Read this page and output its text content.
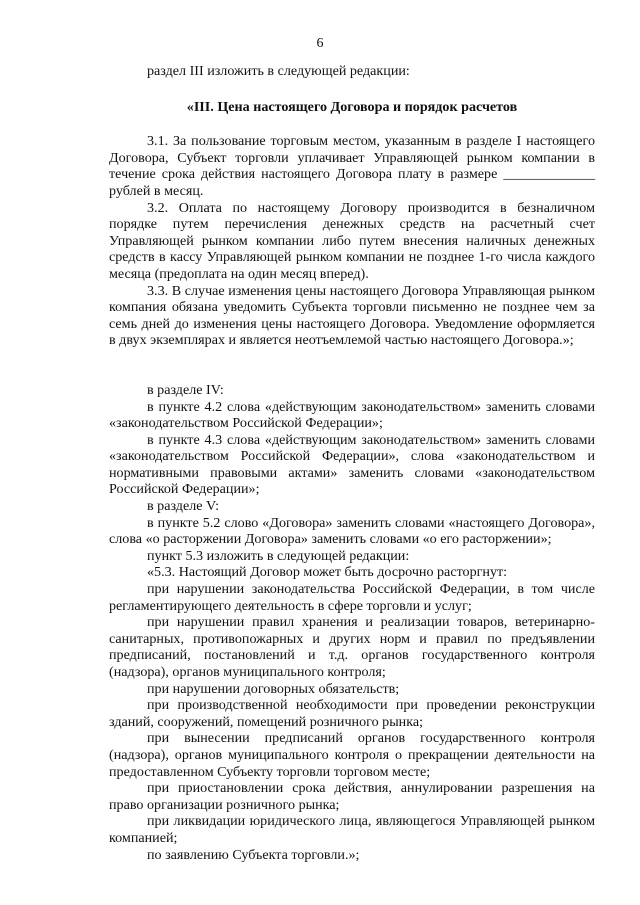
6

раздел III изложить в следующей редакции:

«III. Цена настоящего Договора и порядок расчетов

3.1. За пользование торговым местом, указанным в разделе I настоящего Договора, Субъект торговли уплачивает Управляющей рынком компании в течение срока действия настоящего Договора плату в размере _____________ рублей в месяц.

3.2. Оплата по настоящему Договору производится в безналичном порядке путем перечисления денежных средств на расчетный счет Управляющей рынком компании либо путем внесения наличных денежных средств в кассу Управляющей рынком компании не позднее 1-го числа каждого месяца (предоплата на один месяц вперед).

3.3. В случае изменения цены настоящего Договора Управляющая рынком компания обязана уведомить Субъекта торговли письменно не позднее чем за семь дней до изменения цены настоящего Договора. Уведомление оформляется в двух экземплярах и является неотъемлемой частью настоящего Договора.»;

в разделе IV:

в пункте 4.2 слова «действующим законодательством» заменить словами «законодательством Российской Федерации»;

в пункте 4.3 слова «действующим законодательством» заменить словами «законодательством Российской Федерации», слова «законодательством и нормативными правовыми актами» заменить словами «законодательством Российской Федерации»;

в разделе V:

в пункте 5.2 слово «Договора» заменить словами «настоящего Договора», слова «о расторжении Договора» заменить словами «о его расторжении»;

пункт 5.3 изложить в следующей редакции:

«5.3. Настоящий Договор может быть досрочно расторгнут:

при нарушении законодательства Российской Федерации, в том числе регламентирующего деятельность в сфере торговли и услуг;

при нарушении правил хранения и реализации товаров, ветеринарно-санитарных, противопожарных и других норм и правил по предъявлении предписаний, постановлений и т.д. органов государственного контроля (надзора), органов муниципального контроля;

при нарушении договорных обязательств;

при производственной необходимости при проведении реконструкции зданий, сооружений, помещений розничного рынка;

при вынесении предписаний органов государственного контроля (надзора), органов муниципального контроля о прекращении деятельности на предоставленном Субъекту торговли торговом месте;

при приостановлении срока действия, аннулировании разрешения на право организации розничного рынка;

при ликвидации юридического лица, являющегося Управляющей рынком компанией;

по заявлению Субъекта торговли.»;
